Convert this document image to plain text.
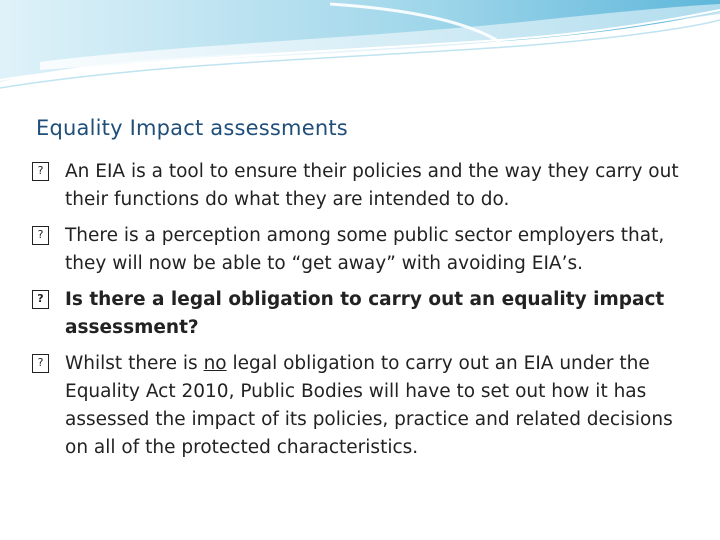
Equality Impact assessments
?	An EIA is a tool to ensure their policies and the way they carry out their functions do what they are intended to do.
?	There is a perception among some public sector employers that, they will now be able to “get away” with avoiding EIA’s.
? Is there a legal obligation to carry out an equality impact assessment?
?	Whilst there is no legal obligation to carry out an EIA under the Equality Act 2010, Public Bodies will have to set out how it has assessed the impact of its policies, practice and related decisions on all of the protected characteristics.
